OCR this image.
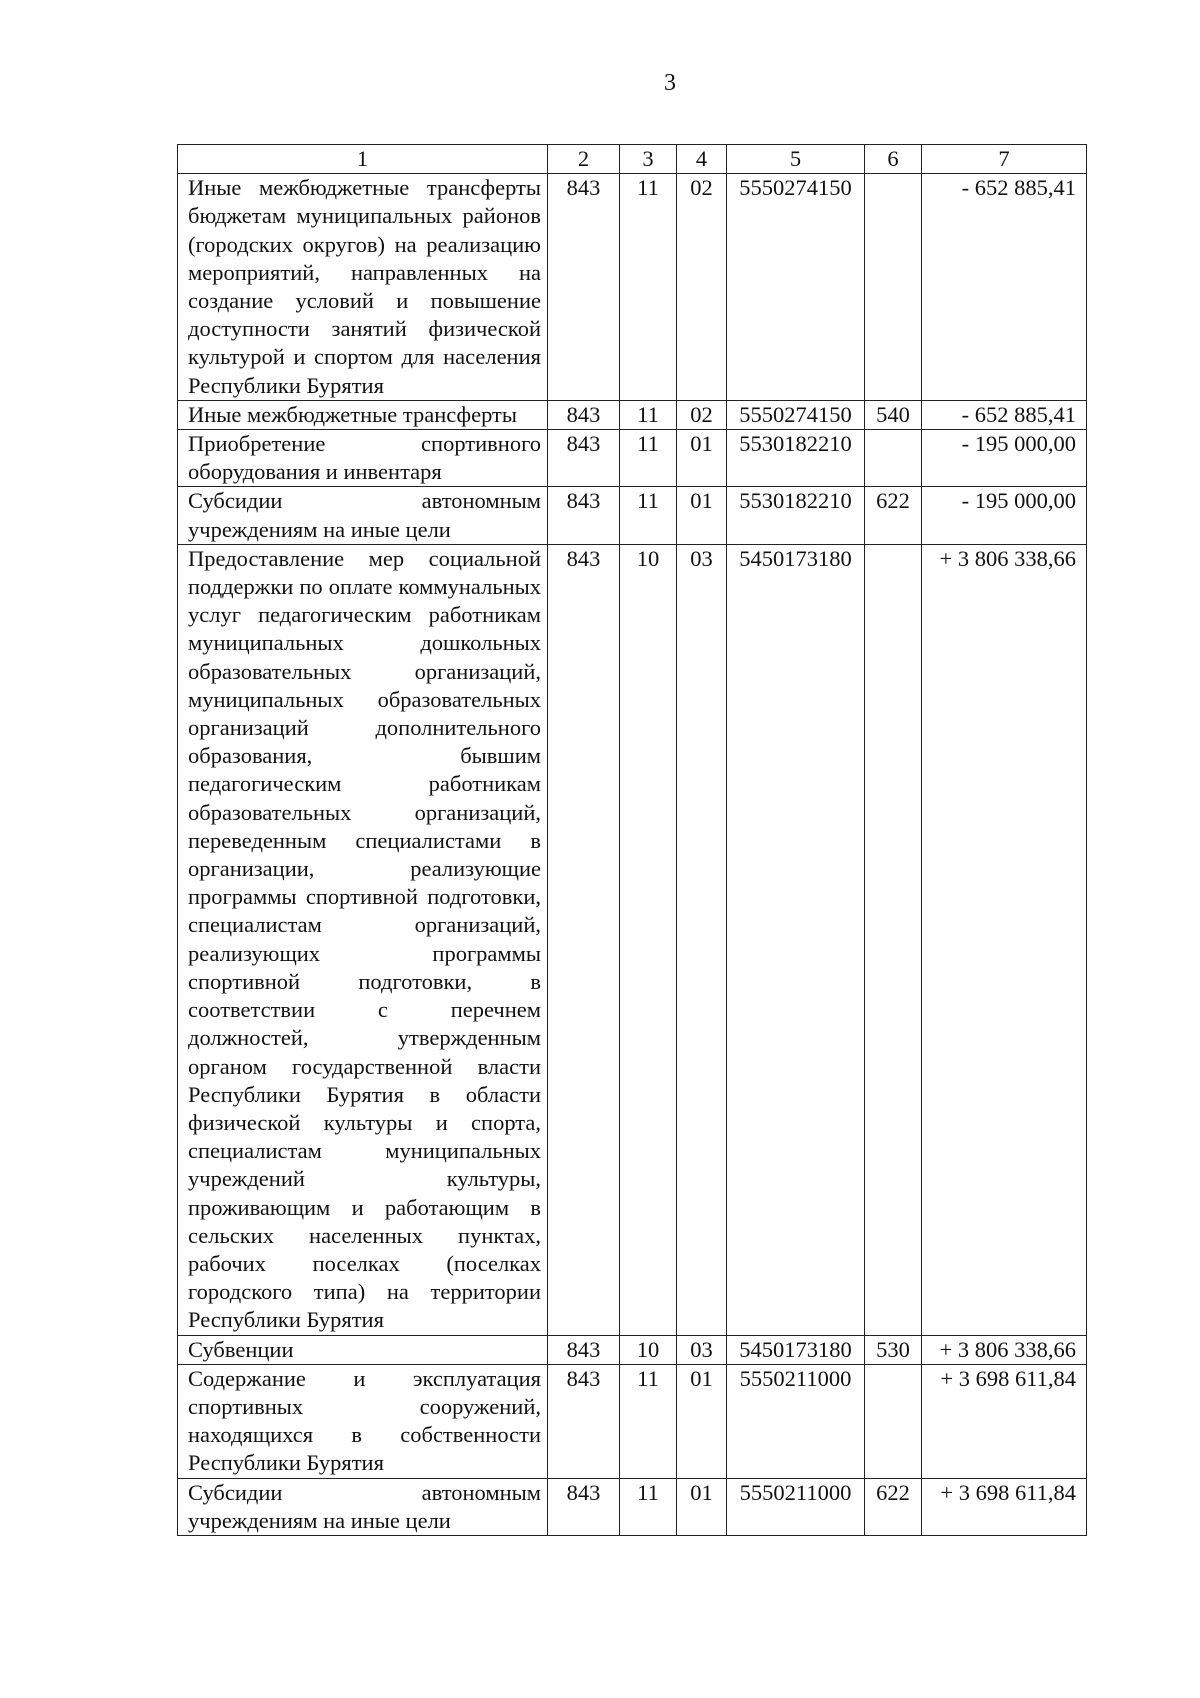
3
1	2	3	4	5	6	7
Иные межбюджетные трансферты бюджетам муниципальных районов (городских округов) на реализацию мероприятий, направленных на создание условий и повышение доступности занятий физической культурой и спортом для населения Республики Бурятия	843	11	02	5550274150		- 652 885,41
Иные межбюджетные трансферты	843	11	02	5550274150	540	- 652 885,41
Приобретение спортивного оборудования и инвентаря	843	11	01	5530182210		- 195 000,00
Субсидии автономным учреждениям на иные цели	843	11	01	5530182210	622	- 195 000,00
Предоставление мер социальной поддержки по оплате коммунальных услуг педагогическим работникам муниципальных дошкольных образовательных организаций, муниципальных образовательных организаций дополнительного образования, бывшим педагогическим работникам образовательных организаций, переведенным специалистами в организации, реализующие программы спортивной подготовки, специалистам организаций, реализующих программы спортивной подготовки, в соответствии с перечнем должностей, утвержденным органом государственной власти Республики Бурятия в области физической культуры и спорта, специалистам муниципальных учреждений культуры, проживающим и работающим в сельских населенных пунктах, рабочих поселках (поселках городского типа) на территории Республики Бурятия	843	10	03	5450173180		+ 3 806 338,66
Субвенции	843	10	03	5450173180	530	+ 3 806 338,66
Содержание и эксплуатация спортивных сооружений, находящихся в собственности Республики Бурятия	843	11	01	5550211000		+ 3 698 611,84
Субсидии автономным учреждениям на иные цели	843	11	01	5550211000	622	+ 3 698 611,84
